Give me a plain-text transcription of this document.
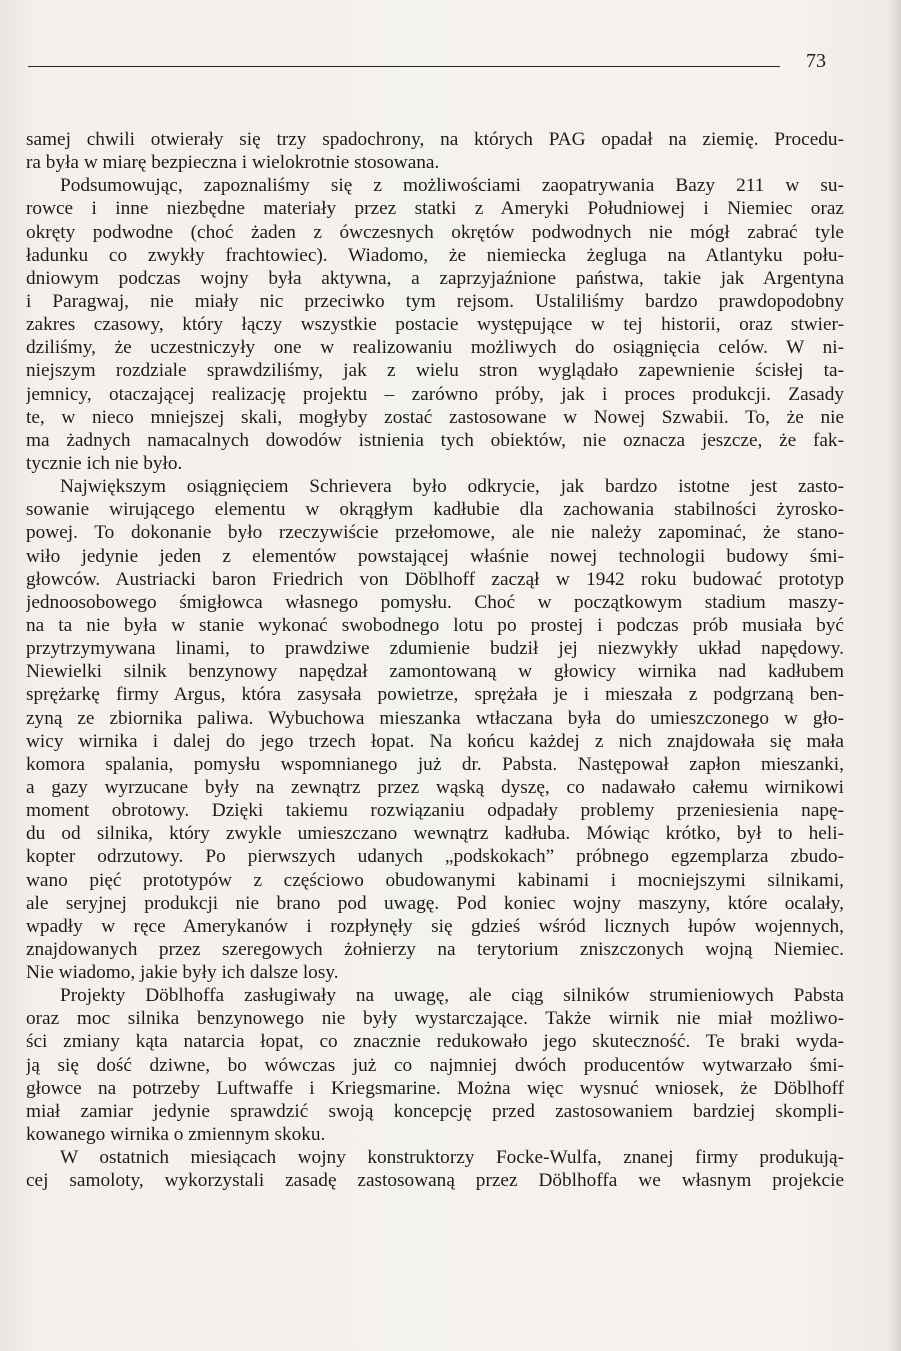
73
samej chwili otwierały się trzy spadochrony, na których PAG opadał na ziemię. Procedu-
ra była w miarę bezpieczna i wielokrotnie stosowana.
Podsumowując, zapoznaliśmy się z możliwościami zaopatrywania Bazy 211 w su-
rowce i inne niezbędne materiały przez statki z Ameryki Południowej i Niemiec oraz
okręty podwodne (choć żaden z ówczesnych okrętów podwodnych nie mógł zabrać tyle
ładunku co zwykły frachtowiec). Wiadomo, że niemiecka żegluga na Atlantyku połu-
dniowym podczas wojny była aktywna, a zaprzyjaźnione państwa, takie jak Argentyna
i Paragwaj, nie miały nic przeciwko tym rejsom. Ustaliliśmy bardzo prawdopodobny
zakres czasowy, który łączy wszystkie postacie występujące w tej historii, oraz stwier-
dziliśmy, że uczestniczyły one w realizowaniu możliwych do osiągnięcia celów. W ni-
niejszym rozdziale sprawdziliśmy, jak z wielu stron wyglądało zapewnienie ścisłej ta-
jemnicy, otaczającej realizację projektu – zarówno próby, jak i proces produkcji. Zasady
te, w nieco mniejszej skali, mogłyby zostać zastosowane w Nowej Szwabii. To, że nie
ma żadnych namacalnych dowodów istnienia tych obiektów, nie oznacza jeszcze, że fak-
tycznie ich nie było.
Największym osiągnięciem Schrievera było odkrycie, jak bardzo istotne jest zasto-
sowanie wirującego elementu w okrągłym kadłubie dla zachowania stabilności żyrosko-
powej. To dokonanie było rzeczywiście przełomowe, ale nie należy zapominać, że stano-
wiło jedynie jeden z elementów powstającej właśnie nowej technologii budowy śmi-
głowców. Austriacki baron Friedrich von Döblhoff zaczął w 1942 roku budować prototyp
jednoosobowego śmigłowca własnego pomysłu. Choć w początkowym stadium maszy-
na ta nie była w stanie wykonać swobodnego lotu po prostej i podczas prób musiała być
przytrzymywana linami, to prawdziwe zdumienie budził jej niezwykły układ napędowy.
Niewielki silnik benzynowy napędzał zamontowaną w głowicy wirnika nad kadłubem
sprężarkę firmy Argus, która zasysała powietrze, sprężała je i mieszała z podgrzaną ben-
zyną ze zbiornika paliwa. Wybuchowa mieszanka wtłaczana była do umieszczonego w gło-
wicy wirnika i dalej do jego trzech łopat. Na końcu każdej z nich znajdowała się mała
komora spalania, pomysłu wspomnianego już dr. Pabsta. Następował zapłon mieszanki,
a gazy wyrzucane były na zewnątrz przez wąską dyszę, co nadawało całemu wirnikowi
moment obrotowy. Dzięki takiemu rozwiązaniu odpadały problemy przeniesienia napę-
du od silnika, który zwykle umieszczano wewnątrz kadłuba. Mówiąc krótko, był to heli-
kopter odrzutowy. Po pierwszych udanych „podskokach” próbnego egzemplarza zbudo-
wano pięć prototypów z częściowo obudowanymi kabinami i mocniejszymi silnikami,
ale seryjnej produkcji nie brano pod uwagę. Pod koniec wojny maszyny, które ocalały,
wpadły w ręce Amerykanów i rozpłynęły się gdzieś wśród licznych łupów wojennych,
znajdowanych przez szeregowych żołnierzy na terytorium zniszczonych wojną Niemiec.
Nie wiadomo, jakie były ich dalsze losy.
Projekty Döblhoffa zasługiwały na uwagę, ale ciąg silników strumieniowych Pabsta
oraz moc silnika benzynowego nie były wystarczające. Także wirnik nie miał możliwo-
ści zmiany kąta natarcia łopat, co znacznie redukowało jego skuteczność. Te braki wyda-
ją się dość dziwne, bo wówczas już co najmniej dwóch producentów wytwarzało śmi-
głowce na potrzeby Luftwaffe i Kriegsmarine. Można więc wysnuć wniosek, że Döblhoff
miał zamiar jedynie sprawdzić swoją koncepcję przed zastosowaniem bardziej skompli-
kowanego wirnika o zmiennym skoku.
W ostatnich miesiącach wojny konstruktorzy Focke-Wulfa, znanej firmy produkują-
cej samoloty, wykorzystali zasadę zastosowaną przez Döblhoffa we własnym projekcie
